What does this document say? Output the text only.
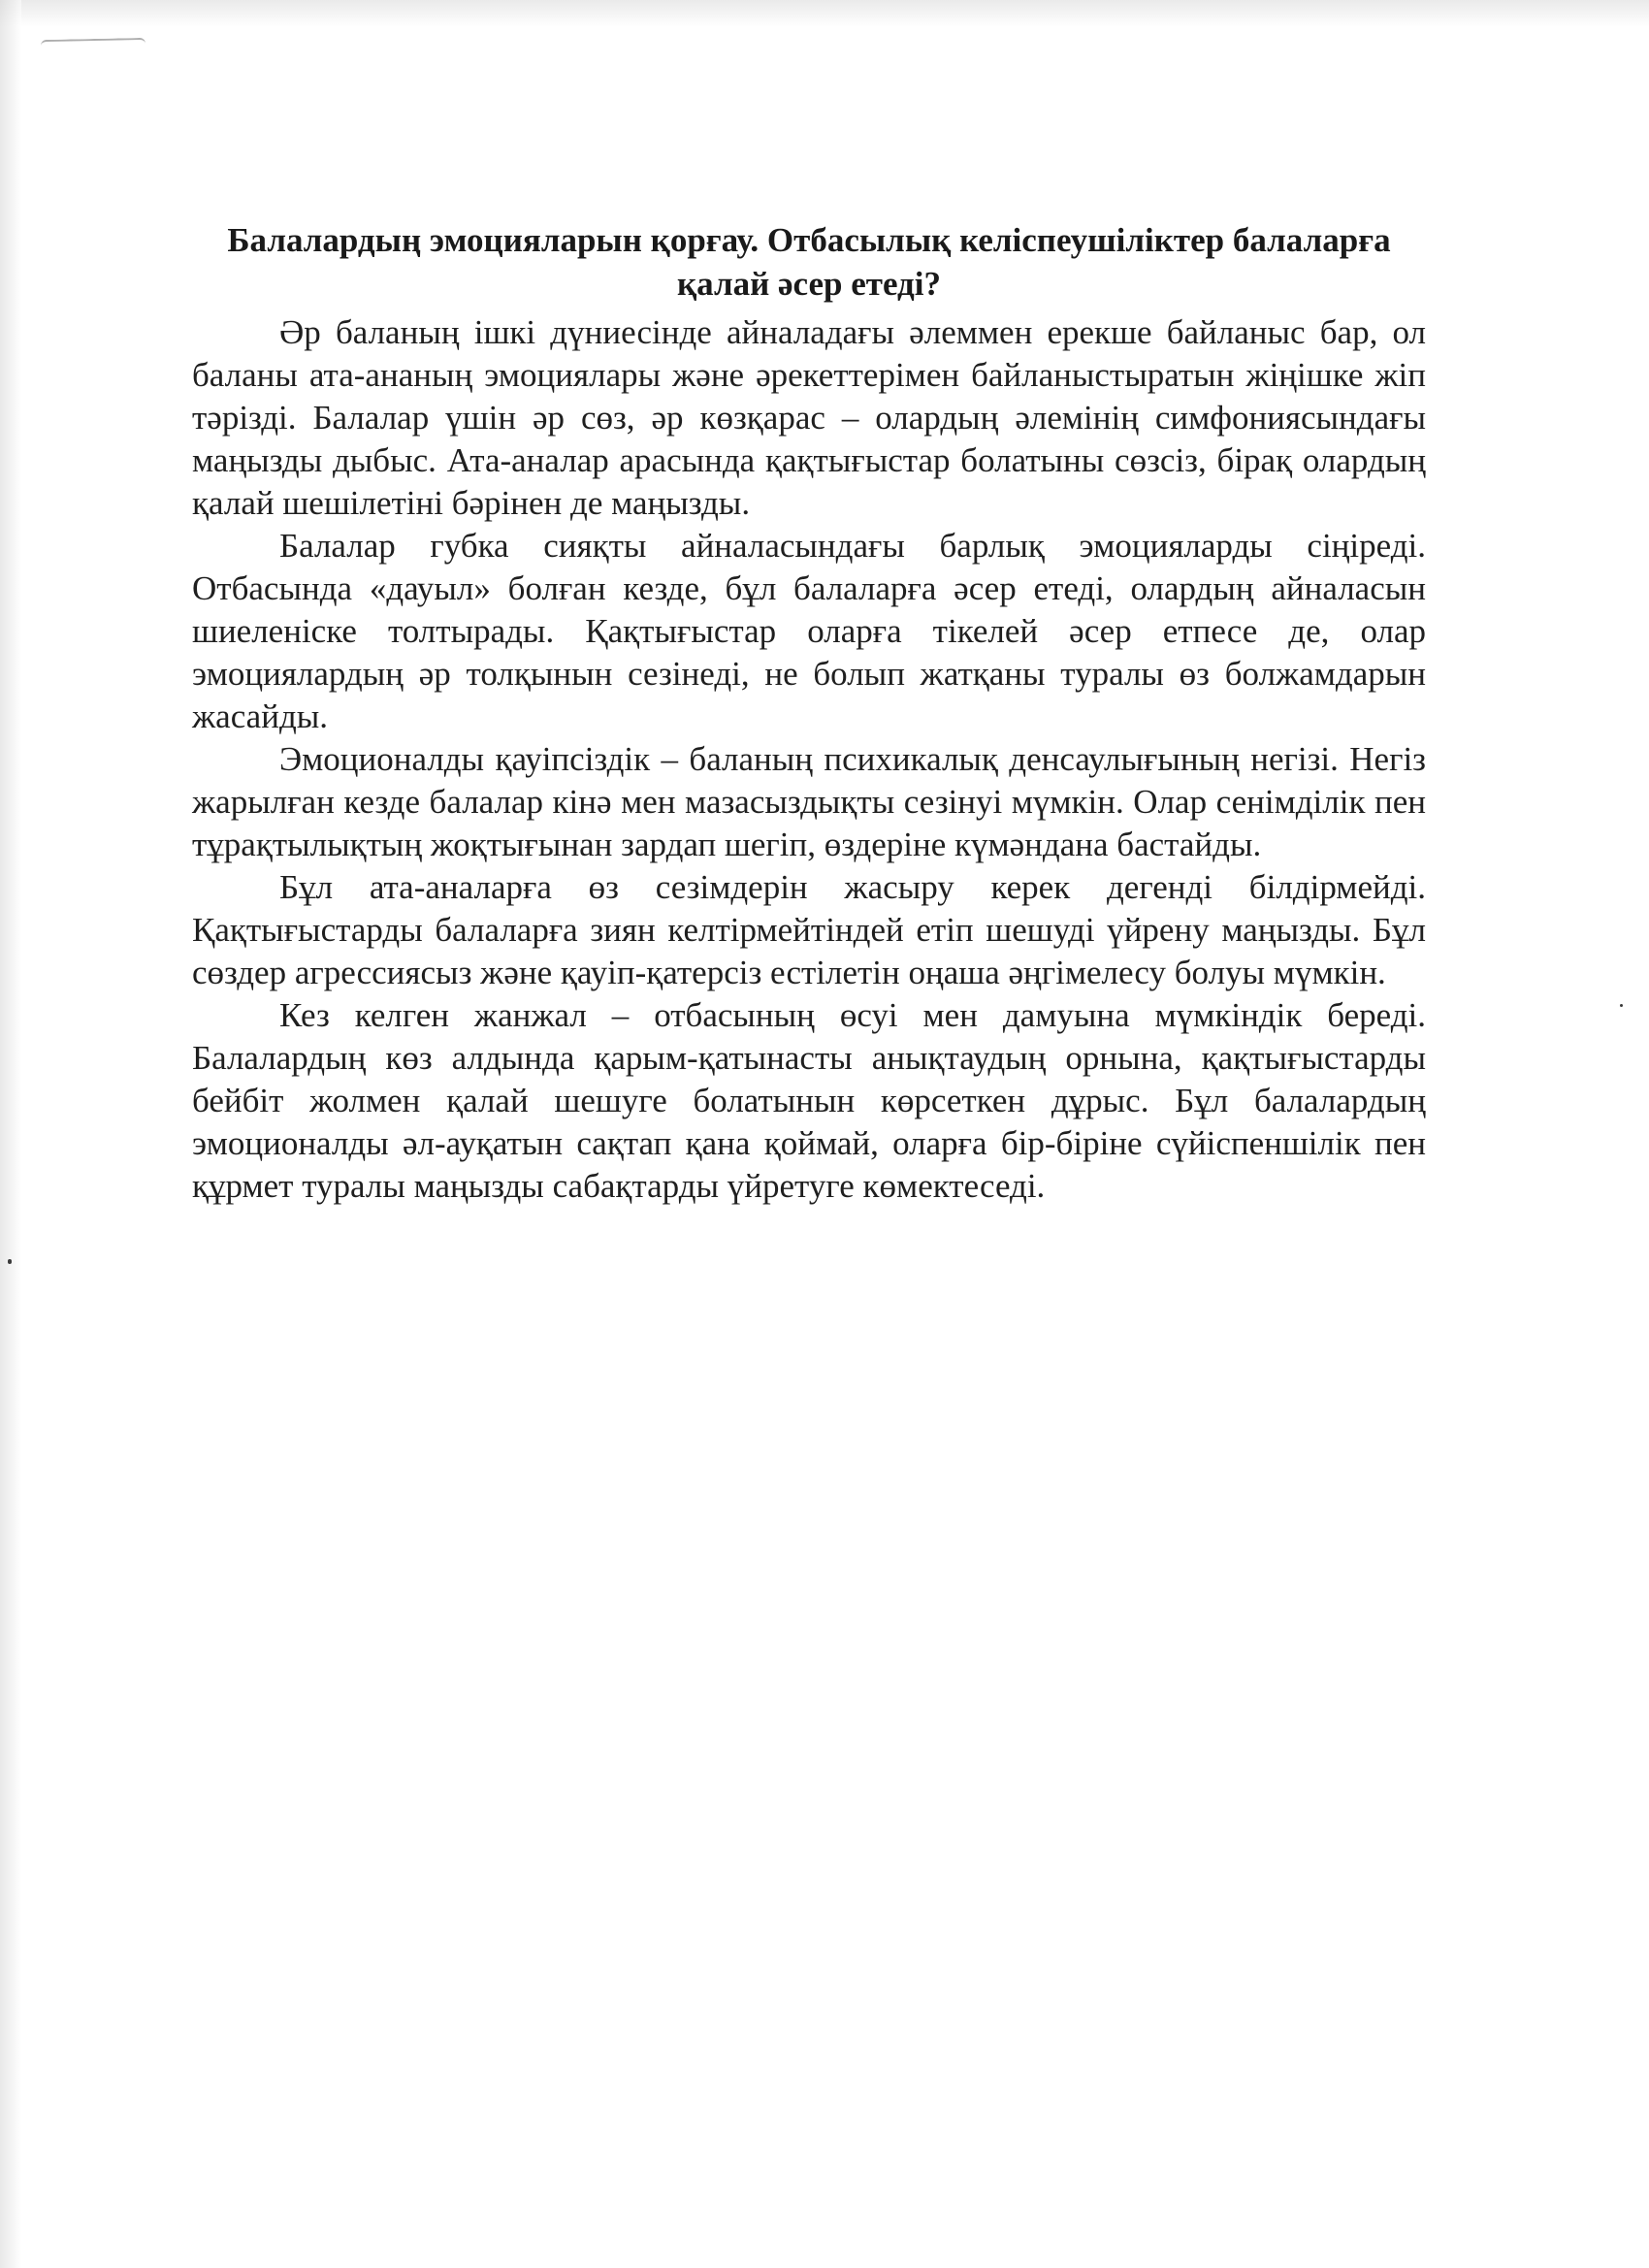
Балалардың эмоцияларын қорғау. Отбасылық келіспеушіліктер балаларға қалай әсер етеді?

Әр баланың ішкі дүниесінде айналадағы әлеммен ерекше байланыс бар, ол баланы ата-ананың эмоциялары және әрекеттерімен байланыстыратын жіңішке жіп тәрізді. Балалар үшін әр сөз, әр көзқарас – олардың әлемінің симфониясындағы маңызды дыбыс. Ата-аналар арасында қақтығыстар болатыны сөзсіз, бірақ олардың қалай шешілетіні бәрінен де маңызды.

Балалар губка сияқты айналасындағы барлық эмоцияларды сіңіреді. Отбасында «дауыл» болған кезде, бұл балаларға әсер етеді, олардың айналасын шиеленіске толтырады. Қақтығыстар оларға тікелей әсер етпесе де, олар эмоциялардың әр толқынын сезінеді, не болып жатқаны туралы өз болжамдарын жасайды.

Эмоционалды қауіпсіздік – баланың психикалық денсаулығының негізі. Негіз жарылған кезде балалар кінә мен мазасыздықты сезінуі мүмкін. Олар сенімділік пен тұрақтылықтың жоқтығынан зардап шегіп, өздеріне күмәндана бастайды.

Бұл ата-аналарға өз сезімдерін жасыру керек дегенді білдірмейді. Қақтығыстарды балаларға зиян келтірмейтіндей етіп шешуді үйрену маңызды. Бұл сөздер агрессиясыз және қауіп-қатерсіз естілетін оңаша әңгімелесу болуы мүмкін.

Кез келген жанжал – отбасының өсуі мен дамуына мүмкіндік береді. Балалардың көз алдында қарым-қатынасты анықтаудың орнына, қақтығыстарды бейбіт жолмен қалай шешуге болатынын көрсеткен дұрыс. Бұл балалардың эмоционалды әл-ауқатын сақтап қана қоймай, оларға бір-біріне сүйіспеншілік пен құрмет туралы маңызды сабақтарды үйретуге көмектеседі.
